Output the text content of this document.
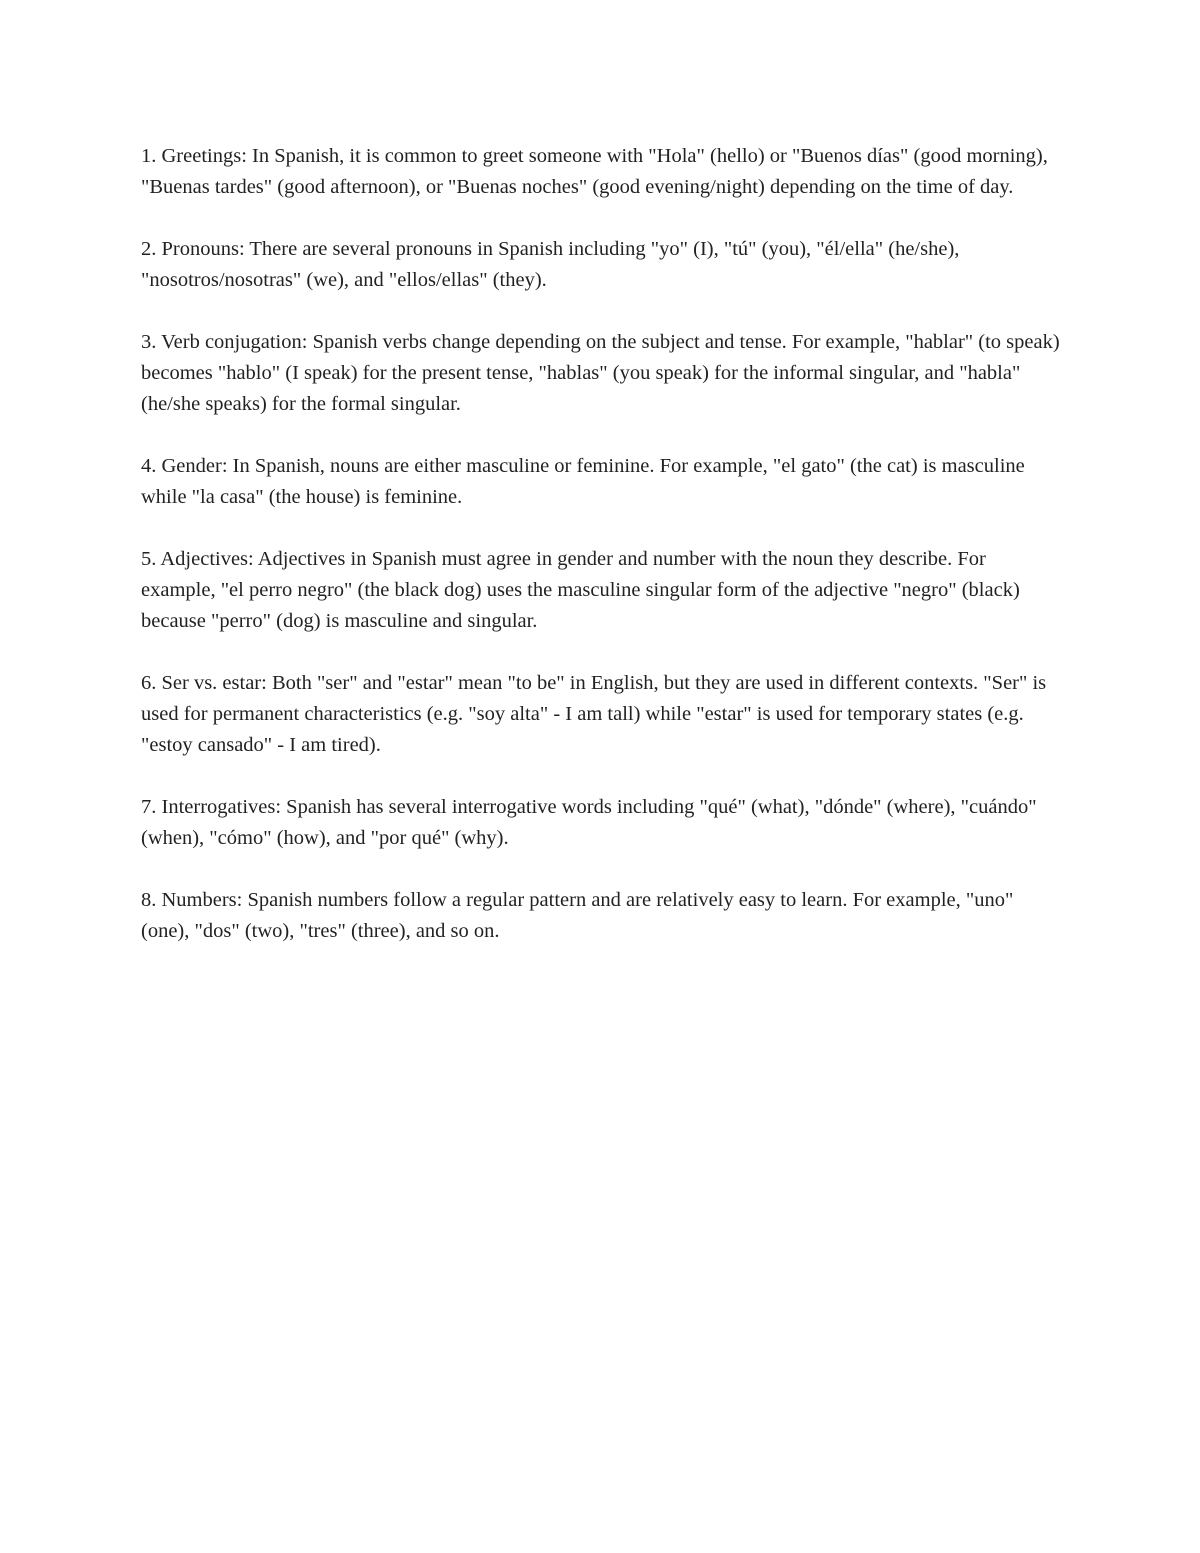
1. Greetings: In Spanish, it is common to greet someone with "Hola" (hello) or "Buenos días" (good morning), "Buenas tardes" (good afternoon), or "Buenas noches" (good evening/night) depending on the time of day.

2. Pronouns: There are several pronouns in Spanish including "yo" (I), "tú" (you), "él/ella" (he/she), "nosotros/nosotras" (we), and "ellos/ellas" (they).

3. Verb conjugation: Spanish verbs change depending on the subject and tense. For example, "hablar" (to speak) becomes "hablo" (I speak) for the present tense, "hablas" (you speak) for the informal singular, and "habla" (he/she speaks) for the formal singular.

4. Gender: In Spanish, nouns are either masculine or feminine. For example, "el gato" (the cat) is masculine while "la casa" (the house) is feminine.

5. Adjectives: Adjectives in Spanish must agree in gender and number with the noun they describe. For example, "el perro negro" (the black dog) uses the masculine singular form of the adjective "negro" (black) because "perro" (dog) is masculine and singular.

6. Ser vs. estar: Both "ser" and "estar" mean "to be" in English, but they are used in different contexts. "Ser" is used for permanent characteristics (e.g. "soy alta" - I am tall) while "estar" is used for temporary states (e.g. "estoy cansado" - I am tired).

7. Interrogatives: Spanish has several interrogative words including "qué" (what), "dónde" (where), "cuándo" (when), "cómo" (how), and "por qué" (why).

8. Numbers: Spanish numbers follow a regular pattern and are relatively easy to learn. For example, "uno" (one), "dos" (two), "tres" (three), and so on.
